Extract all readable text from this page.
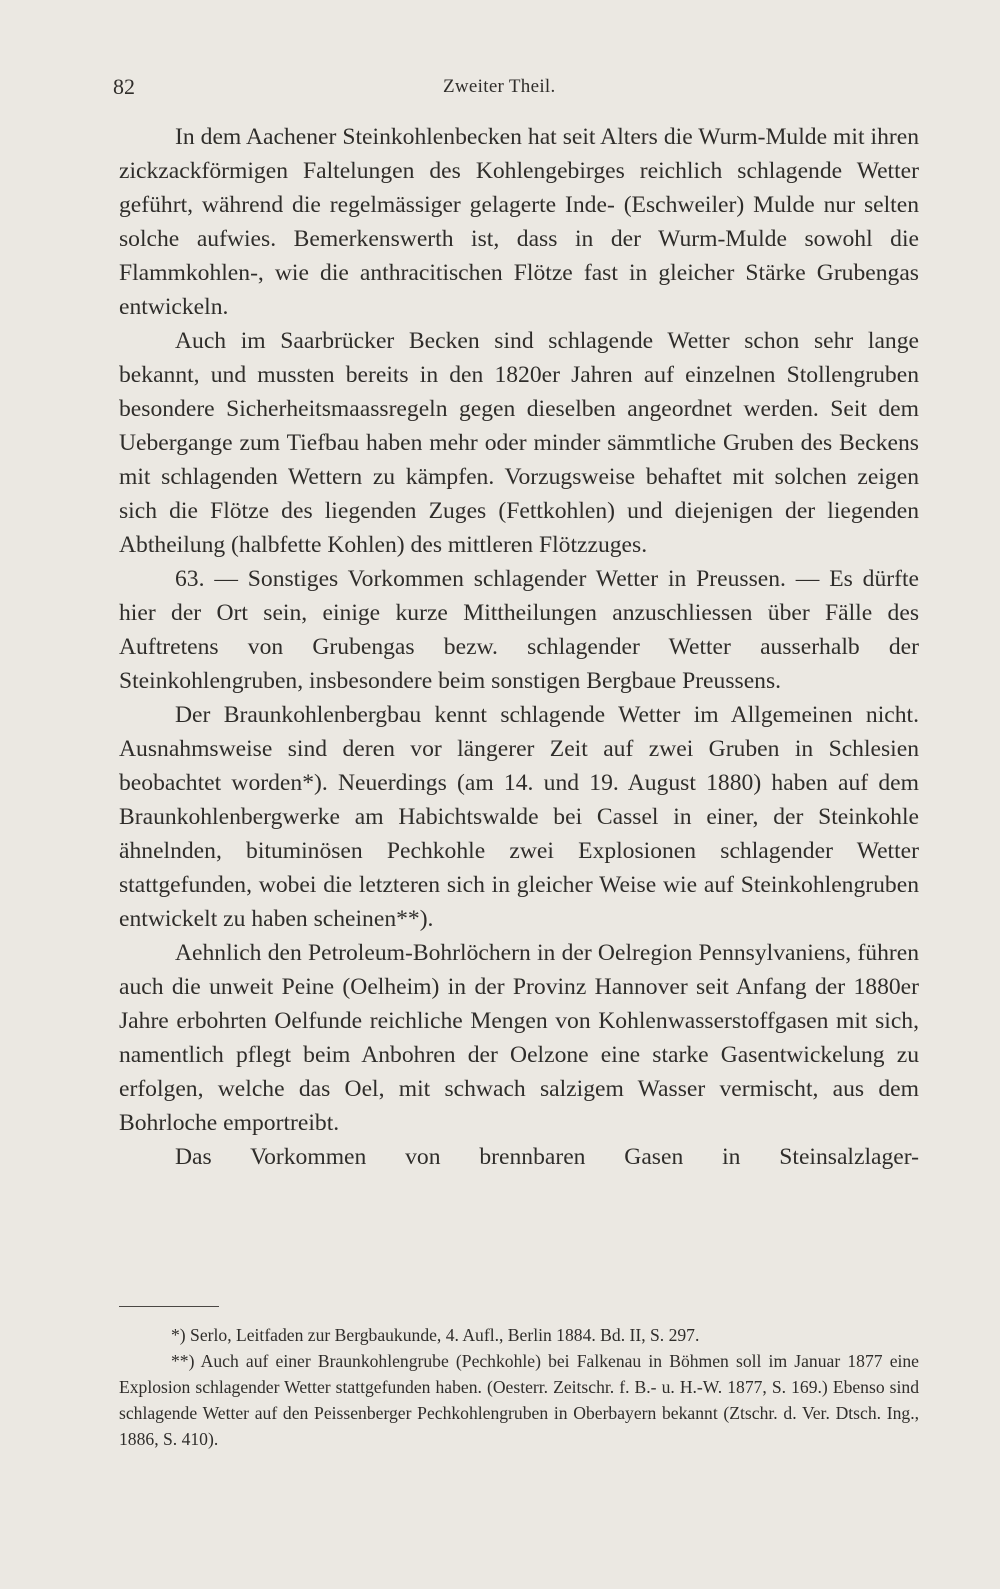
82	Zweiter Theil.

In dem Aachener Steinkohlenbecken hat seit Alters die Wurm-Mulde mit ihren zickzackförmigen Faltelungen des Kohlengebirges reichlich schlagende Wetter geführt, während die regelmässiger gelagerte Inde- (Eschweiler) Mulde nur selten solche aufwies. Bemerkenswerth ist, dass in der Wurm-Mulde sowohl die Flammkohlen-, wie die anthracitischen Flötze fast in gleicher Stärke Grubengas entwickeln.

Auch im Saarbrücker Becken sind schlagende Wetter schon sehr lange bekannt, und mussten bereits in den 1820er Jahren auf einzelnen Stollengruben besondere Sicherheitsmaassregeln gegen dieselben angeordnet werden. Seit dem Uebergange zum Tiefbau haben mehr oder minder sämmtliche Gruben des Beckens mit schlagenden Wettern zu kämpfen. Vorzugsweise behaftet mit solchen zeigen sich die Flötze des liegenden Zuges (Fettkohlen) und diejenigen der liegenden Abtheilung (halbfette Kohlen) des mittleren Flötzzuges.

63. — Sonstiges Vorkommen schlagender Wetter in Preussen. — Es dürfte hier der Ort sein, einige kurze Mittheilungen anzuschliessen über Fälle des Auftretens von Grubengas bezw. schlagender Wetter ausserhalb der Steinkohlengruben, insbesondere beim sonstigen Bergbaue Preussens.

Der Braunkohlenbergbau kennt schlagende Wetter im Allgemeinen nicht. Ausnahmsweise sind deren vor längerer Zeit auf zwei Gruben in Schlesien beobachtet worden*). Neuerdings (am 14. und 19. August 1880) haben auf dem Braunkohlenbergwerke am Habichtswalde bei Cassel in einer, der Steinkohle ähnelnden, bituminösen Pechkohle zwei Explosionen schlagender Wetter stattgefunden, wobei die letzteren sich in gleicher Weise wie auf Steinkohlengruben entwickelt zu haben scheinen**).

Aehnlich den Petroleum-Bohrlöchern in der Oelregion Pennsylvaniens, führen auch die unweit Peine (Oelheim) in der Provinz Hannover seit Anfang der 1880er Jahre erbohrten Oelfunde reichliche Mengen von Kohlenwasserstoffgasen mit sich, namentlich pflegt beim Anbohren der Oelzone eine starke Gasentwickelung zu erfolgen, welche das Oel, mit schwach salzigem Wasser vermischt, aus dem Bohrloche emportreibt.

Das Vorkommen von brennbaren Gasen in Steinsalzlager-

*) Serlo, Leitfaden zur Bergbaukunde, 4. Aufl., Berlin 1884. Bd. II, S. 297.

**) Auch auf einer Braunkohlengrube (Pechkohle) bei Falkenau in Böhmen soll im Januar 1877 eine Explosion schlagender Wetter stattgefunden haben. (Oesterr. Zeitschr. f. B.- u. H.-W. 1877, S. 169.) Ebenso sind schlagende Wetter auf den Peissenberger Pechkohlengruben in Oberbayern bekannt (Ztschr. d. Ver. Dtsch. Ing., 1886, S. 410).
